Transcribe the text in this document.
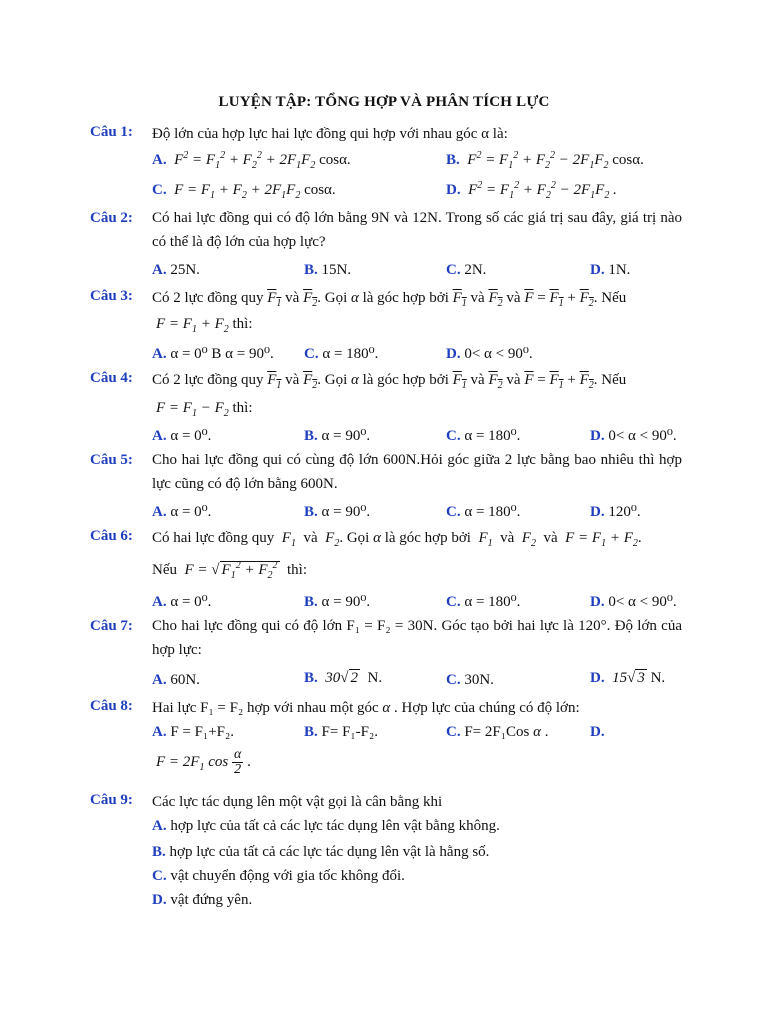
LUYỆN TẬP: TỔNG HỢP VÀ PHÂN TÍCH LỰC
Câu 1: Độ lớn của hợp lực hai lực đồng qui hợp với nhau góc α là:
A.  $F^2 = F_1^2 + F_2^2 + 2F_1F_2$ cosα.	B.  $F^2 = F_1^2 + F_2^2 - 2F_1F_2$ cosα.
C.  $F = F_1 + F_2 + 2F_1F_2$ cosα.	D.  $F^2 = F_1^2 + F_2^2 - 2F_1F_2$ .
Câu 2: Có hai lực đồng qui có độ lớn bằng 9N và 12N. Trong số các giá trị sau đây, giá trị nào có thể là độ lớn của hợp lực?
A. 25N.	B. 15N.	C. 2N.	D. 1N.
Câu 3: Có 2 lực đồng quy $F_1$ và $F_2$. Gọi α là góc hợp bởi $F_1$ và $F_2$ và $\overline{F} = F_1 + F_2$. Nếu
$F = F_1 + F_2$ thì:
A. α = 0⁰ B α = 90⁰. C. α = 180⁰.	D. 0< α < 90⁰.
Câu 4: Có 2 lực đồng quy $F_1$ và $F_2$. Gọi α là góc hợp bởi $F_1$ và $F_2$ và $\overline{F} = F_1 + F_2$. Nếu
$F = F_1 - F_2$ thì:
A. α = 0⁰.	B. α = 90⁰.	C. α = 180⁰.	D. 0< α < 90⁰.
Câu 5: Cho hai lực đồng qui có cùng độ lớn 600N.Hỏi góc giữa 2 lực bằng bao nhiêu thì hợp lực cũng có độ lớn bằng 600N.
A. α = 0⁰.	B. α = 90⁰.	C. α = 180⁰.	D. 120⁰.
Câu 6: Có hai lực đồng quy  $F_1$  và  $F_2$. Gọi α là góc hợp bởi  $F_1$  và  $F_2$  và  $F = F_1 + F_2$.
Nếu  F = √ $F_1^2 + F_2^2$  thì:
A. α = 0⁰.	B. α = 90⁰.	C. α = 180⁰.	D. 0< α < 90⁰.
Câu 7: Cho hai lực đồng qui có độ lớn F₁ = F₂ = 30N. Góc tạo bởi hai lực là 120°. Độ lớn của hợp lực:
A. 60N.	B. 30√ 2  N.	C. 30N.	D. 15√ 3 N.
Câu 8: Hai lực F₁ = F₂ hợp với nhau một góc α . Hợp lực của chúng có độ lớn:
A. F = F₁+F₂.	B. F= F₁-F₂.	C. F= 2F₁Cos α .	D.
$F = 2F_1$ $\cos \frac{\alpha}{2}$ .
Câu 9: Các lực tác dụng lên một vật gọi là cân bằng khi
A. hợp lực của tất cả các lực tác dụng lên vật bằng không.
B. hợp lực của tất cả các lực tác dụng lên vật là hằng số.
C. vật chuyển động với gia tốc không đổi.
D. vật đứng yên.
